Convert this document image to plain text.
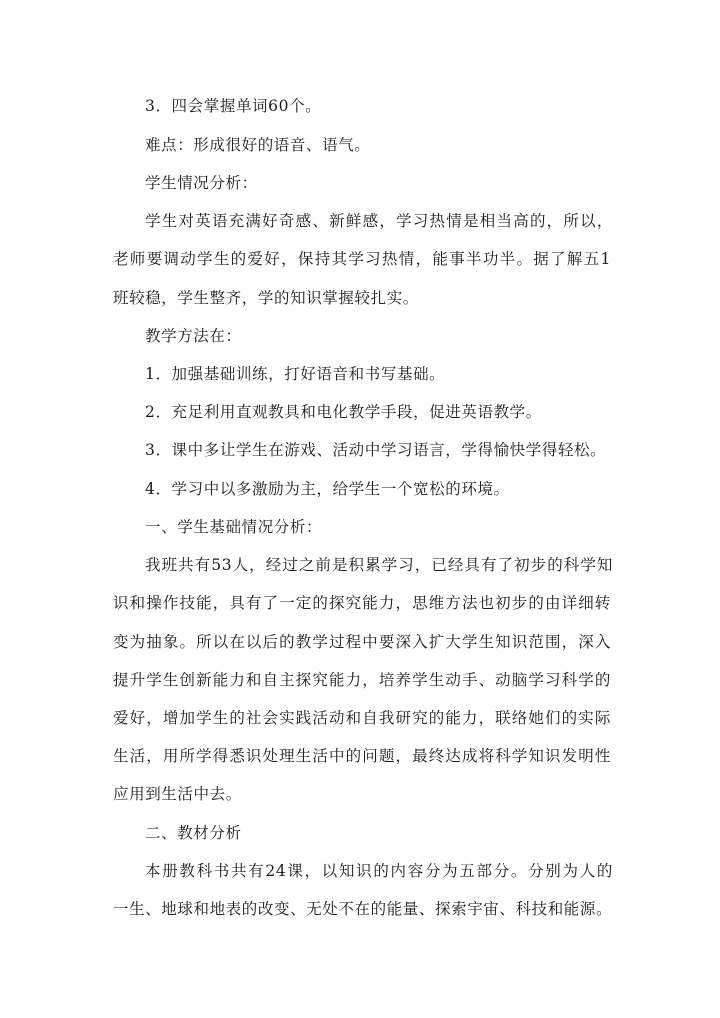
3．四会掌握单词60个。
难点：形成很好的语音、语气。
学生情况分析：
学生对英语充满好奇感、新鲜感，学习热情是相当高的，所以，
老师要调动学生的爱好，保持其学习热情，能事半功半。据了解五1
班较稳，学生整齐，学的知识掌握较扎实。
教学方法在：
1．加强基础训练，打好语音和书写基础。
2．充足利用直观教具和电化教学手段，促进英语教学。
3．课中多让学生在游戏、活动中学习语言，学得愉快学得轻松。
4．学习中以多激励为主，给学生一个宽松的环境。
一、学生基础情况分析：
我班共有53人，经过之前是积累学习，已经具有了初步的科学知
识和操作技能，具有了一定的探究能力，思维方法也初步的由详细转
变为抽象。所以在以后的教学过程中要深入扩大学生知识范围，深入
提升学生创新能力和自主探究能力，培养学生动手、动脑学习科学的
爱好，增加学生的社会实践活动和自我研究的能力，联络她们的实际
生活，用所学得悉识处理生活中的问题，最终达成将科学知识发明性
应用到生活中去。
二、教材分析
本册教科书共有24课，以知识的内容分为五部分。分别为人的
一生、地球和地表的改变、无处不在的能量、探索宇宙、科技和能源。
